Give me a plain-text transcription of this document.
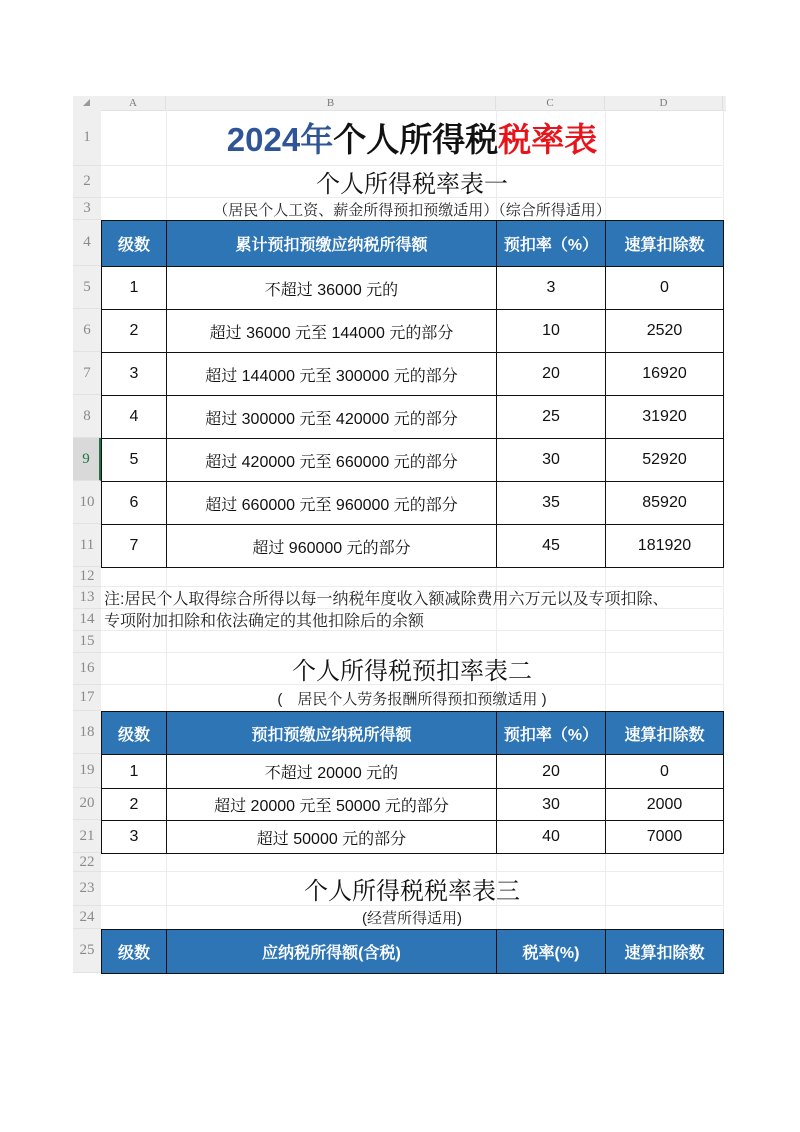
A	B	C	D
1
2
3
4
5
6
7
8
9
10
11
12
13
14
15
16
17
18
19
20
21
22
23
24
25
2024年 个人所得税 税率表
个人所得税率表一
（居民个人工资、薪金所得预扣预缴适用）（综合所得适用）
级数	累计预扣预缴应纳税所得额	预扣率（%）	速算扣除数
1	不超过 36000 元的	3	0
2	超过 36000 元至 144000 元的部分	10	2520
3	超过 144000 元至 300000 元的部分	20	16920
4	超过 300000 元至 420000 元的部分	25	31920
5	超过 420000 元至 660000 元的部分	30	52920
6	超过 660000 元至 960000 元的部分	35	85920
7	超过 960000 元的部分	45	181920
注:居民个人取得综合所得以每一纳税年度收入额减除费用六万元以及专项扣除、
专项附加扣除和依法确定的其他扣除后的余额
个人所得税预扣率表二
(　居民个人劳务报酬所得预扣预缴适用 )
级数	预扣预缴应纳税所得额	预扣率（%）	速算扣除数
1	不超过 20000 元的	20	0
2	超过 20000 元至 50000 元的部分	30	2000
3	超过 50000 元的部分	40	7000
个人所得税税率表三
(经营所得适用)
级数	应纳税所得额(含税)	税率(%)	速算扣除数
